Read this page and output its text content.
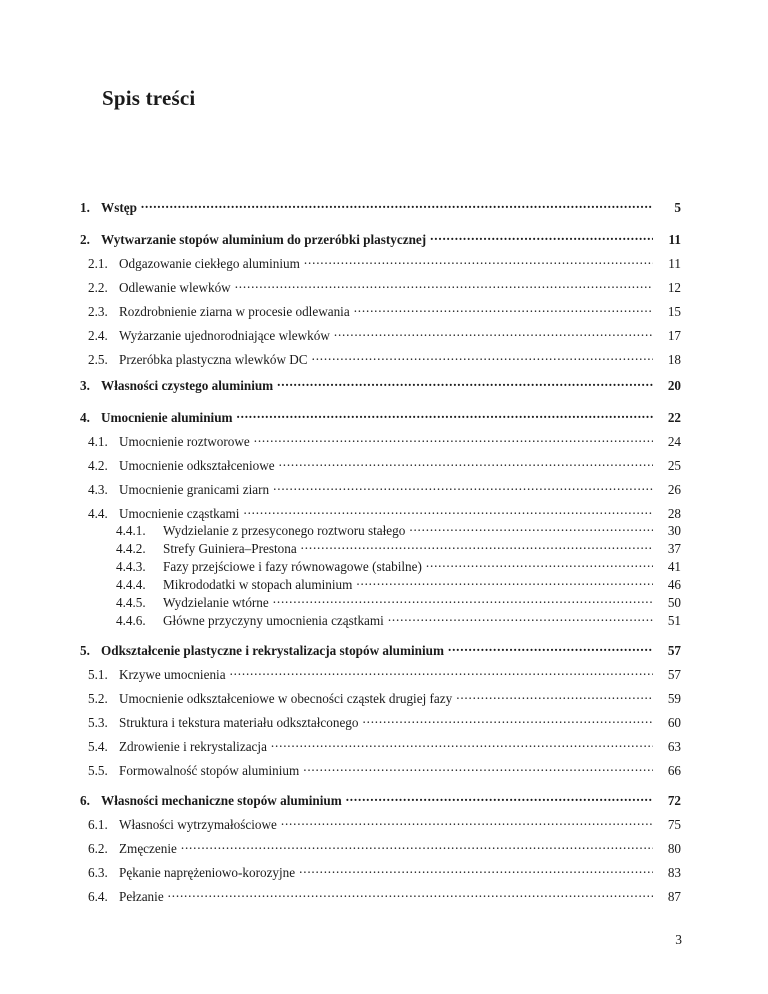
Spis treści
1. Wstęp . . .	5
2. Wytwarzanie stopów aluminium do przeróbki plastycznej . . .	11
2.1. Odgazowanie ciekłego aluminium . . .	11
2.2. Odlewanie wlewków . . .	12
2.3. Rozdrobnienie ziarna w procesie odlewania . . .	15
2.4. Wyżarzanie ujednorodniające wlewków . . .	17
2.5. Przeróbka plastyczna wlewków DC . . .	18
3. Własności czystego aluminium . . .	20
4. Umocnienie aluminium . . .	22
4.1. Umocnienie roztworowe . . .	24
4.2. Umocnienie odkształceniowe . . .	25
4.3. Umocnienie granicami ziarn . . .	26
4.4. Umocnienie cząstkami . . .	28
4.4.1.	Wydzielanie z przesyconego roztworu stałego . . .	30
4.4.2.	Strefy Guiniera–Prestona . . .	37
4.4.3.	Fazy przejściowe i fazy równowagowe (stabilne) . . .	41
4.4.4.	Mikrododatki w stopach aluminium . . .	46
4.4.5.	Wydzielanie wtórne . . .	50
4.4.6.	Główne przyczyny umocnienia cząstkami . . .	51
5. Odkształcenie plastyczne i rekrystalizacja stopów aluminium . . .	57
5.1. Krzywe umocnienia . . .	57
5.2. Umocnienie odkształceniowe w obecności cząstek drugiej fazy . . .	59
5.3. Struktura i tekstura materiału odkształconego . . .	60
5.4. Zdrowienie i rekrystalizacja . . .	63
5.5. Formowalność stopów aluminium . . .	66
6. Własności mechaniczne stopów aluminium . . .	72
6.1. Własności wytrzymałościowe . . .	75
6.2. Zmęczenie . . .	80
6.3. Pękanie naprężeniowo-korozyjne . . .	83
6.4. Pełzanie . . .	87
3
